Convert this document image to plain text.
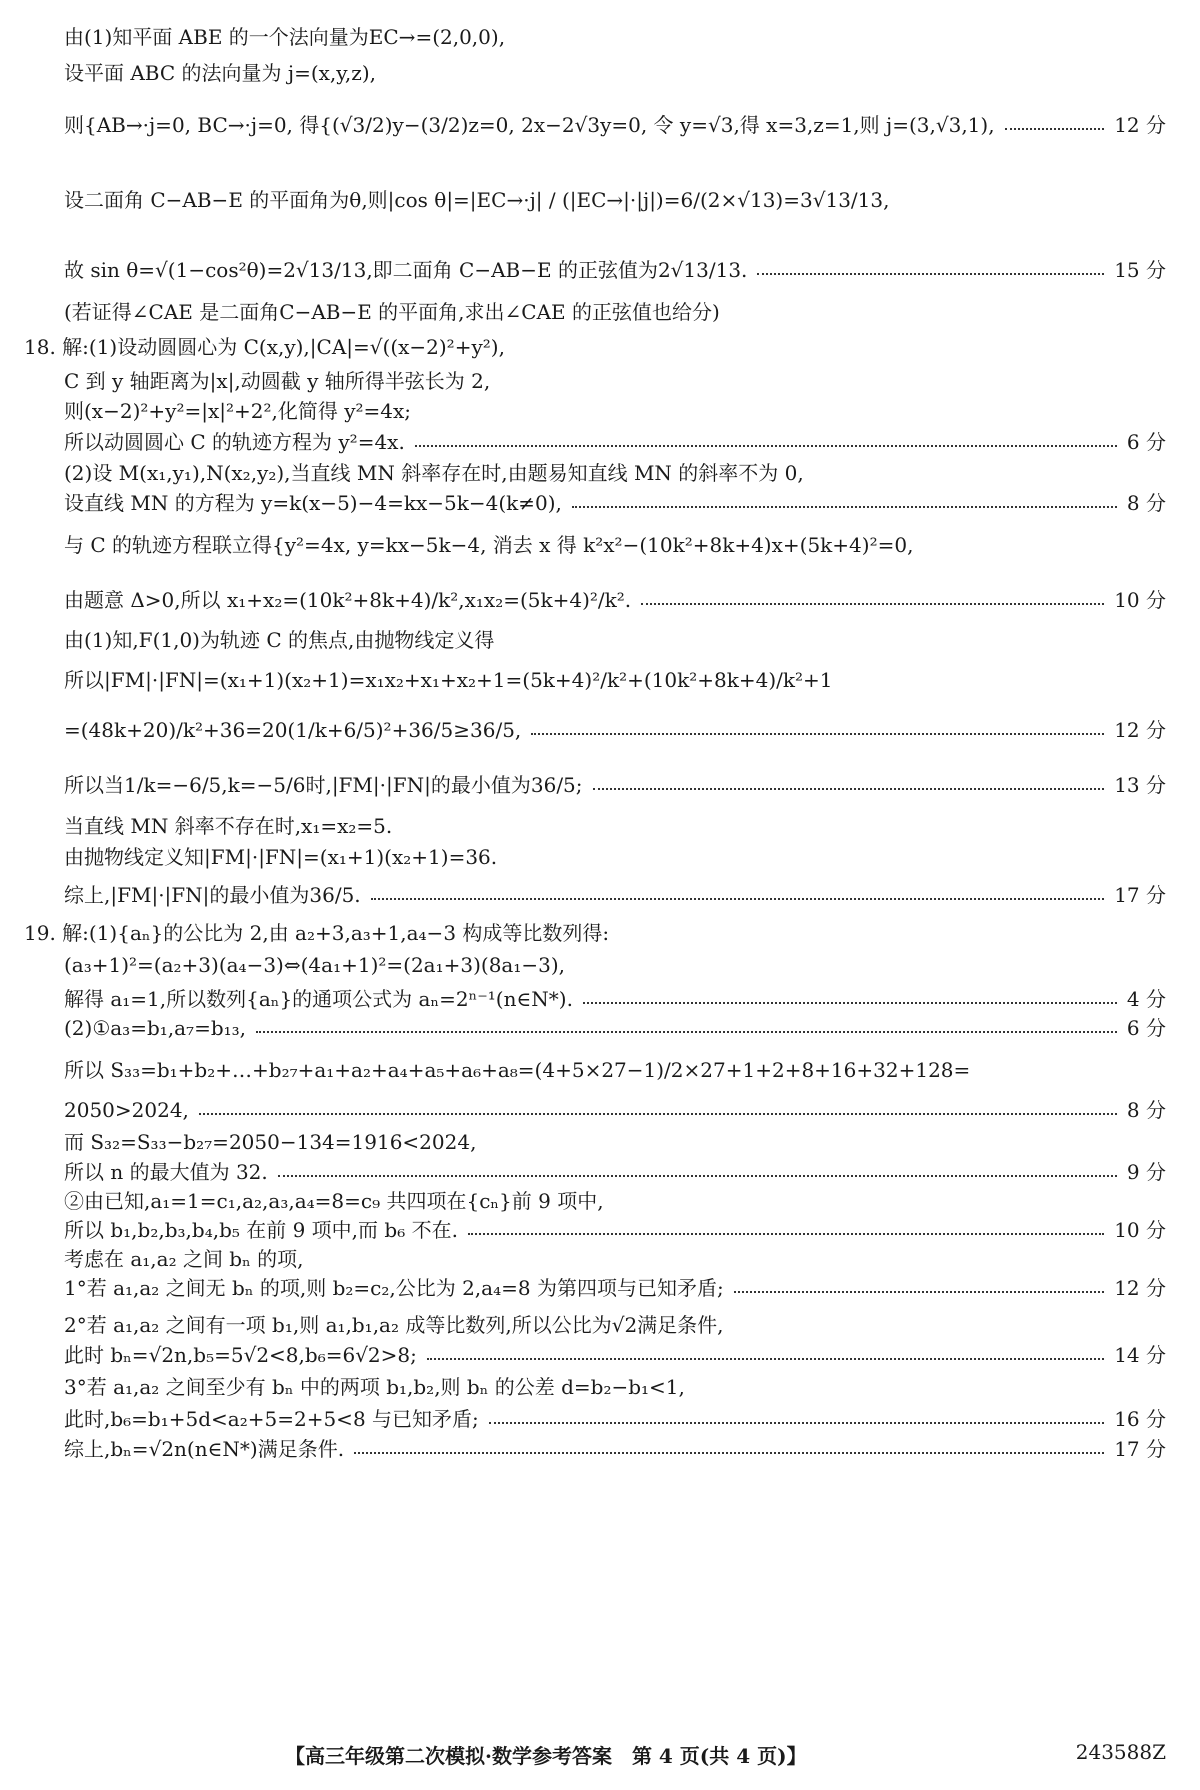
由(1)知平面 ABE 的一个法向量为EC→=(2,0,0),
设平面 ABC 的法向量为 j=(x,y,z),
则{AB→·j=0, BC→·j=0, 得{(√3/2)y−(3/2)z=0, 2x−2√3y=0, 令 y=√3,得 x=3,z=1,则 j=(3,√3,1),	12 分
设二面角 C−AB−E 的平面角为θ,则|cos θ|=|EC→·j| / (|EC→|·|j|)=6/(2×√13)=3√13/13,
故 sin θ=√(1−cos²θ)=2√13/13,即二面角 C−AB−E 的正弦值为2√13/13.	15 分
(若证得∠CAE 是二面角C−AB−E 的平面角,求出∠CAE 的正弦值也给分)
18. 解:(1)设动圆圆心为 C(x,y),|CA|=√((x−2)²+y²),
C 到 y 轴距离为|x|,动圆截 y 轴所得半弦长为 2,
则(x−2)²+y²=|x|²+2²,化简得 y²=4x;
所以动圆圆心 C 的轨迹方程为 y²=4x.	6 分
(2)设 M(x₁,y₁),N(x₂,y₂),当直线 MN 斜率存在时,由题易知直线 MN 的斜率不为 0,
设直线 MN 的方程为 y=k(x−5)−4=kx−5k−4(k≠0),	8 分
与 C 的轨迹方程联立得{y²=4x, y=kx−5k−4, 消去 x 得 k²x²−(10k²+8k+4)x+(5k+4)²=0,
由题意 Δ>0,所以 x₁+x₂=(10k²+8k+4)/k²,x₁x₂=(5k+4)²/k².	10 分
由(1)知,F(1,0)为轨迹 C 的焦点,由抛物线定义得
所以|FM|·|FN|=(x₁+1)(x₂+1)=x₁x₂+x₁+x₂+1=(5k+4)²/k²+(10k²+8k+4)/k²+1
=(48k+20)/k²+36=20(1/k+6/5)²+36/5≥36/5,	12 分
所以当1/k=−6/5,k=−5/6时,|FM|·|FN|的最小值为36/5;	13 分
当直线 MN 斜率不存在时,x₁=x₂=5.
由抛物线定义知|FM|·|FN|=(x₁+1)(x₂+1)=36.
综上,|FM|·|FN|的最小值为36/5.	17 分
19. 解:(1){aₙ}的公比为 2,由 a₂+3,a₃+1,a₄−3 构成等比数列得:
(a₃+1)²=(a₂+3)(a₄−3)⇔(4a₁+1)²=(2a₁+3)(8a₁−3),
解得 a₁=1,所以数列{aₙ}的通项公式为 aₙ=2ⁿ⁻¹(n∈N*).	4 分
(2)①a₃=b₁,a₇=b₁₃,	6 分
所以 S₃₃=b₁+b₂+…+b₂₇+a₁+a₂+a₄+a₅+a₆+a₈=(4+5×27−1)/2×27+1+2+8+16+32+128=
2050>2024,	8 分
而 S₃₂=S₃₃−b₂₇=2050−134=1916<2024,
所以 n 的最大值为 32.	9 分
②由已知,a₁=1=c₁,a₂,a₃,a₄=8=c₉ 共四项在{cₙ}前 9 项中,
所以 b₁,b₂,b₃,b₄,b₅ 在前 9 项中,而 b₆ 不在.	10 分
考虑在 a₁,a₂ 之间 bₙ 的项,
1°若 a₁,a₂ 之间无 bₙ 的项,则 b₂=c₂,公比为 2,a₄=8 为第四项与已知矛盾;	12 分
2°若 a₁,a₂ 之间有一项 b₁,则 a₁,b₁,a₂ 成等比数列,所以公比为√2满足条件,
此时 bₙ=√2n,b₅=5√2<8,b₆=6√2>8;	14 分
3°若 a₁,a₂ 之间至少有 bₙ 中的两项 b₁,b₂,则 bₙ 的公差 d=b₂−b₁<1,
此时,b₆=b₁+5d<a₂+5=2+5<8 与已知矛盾;	16 分
综上,bₙ=√2n(n∈N*)满足条件.	17 分
【高三年级第二次模拟·数学参考答案　第 4 页(共 4 页)】	243588Z
